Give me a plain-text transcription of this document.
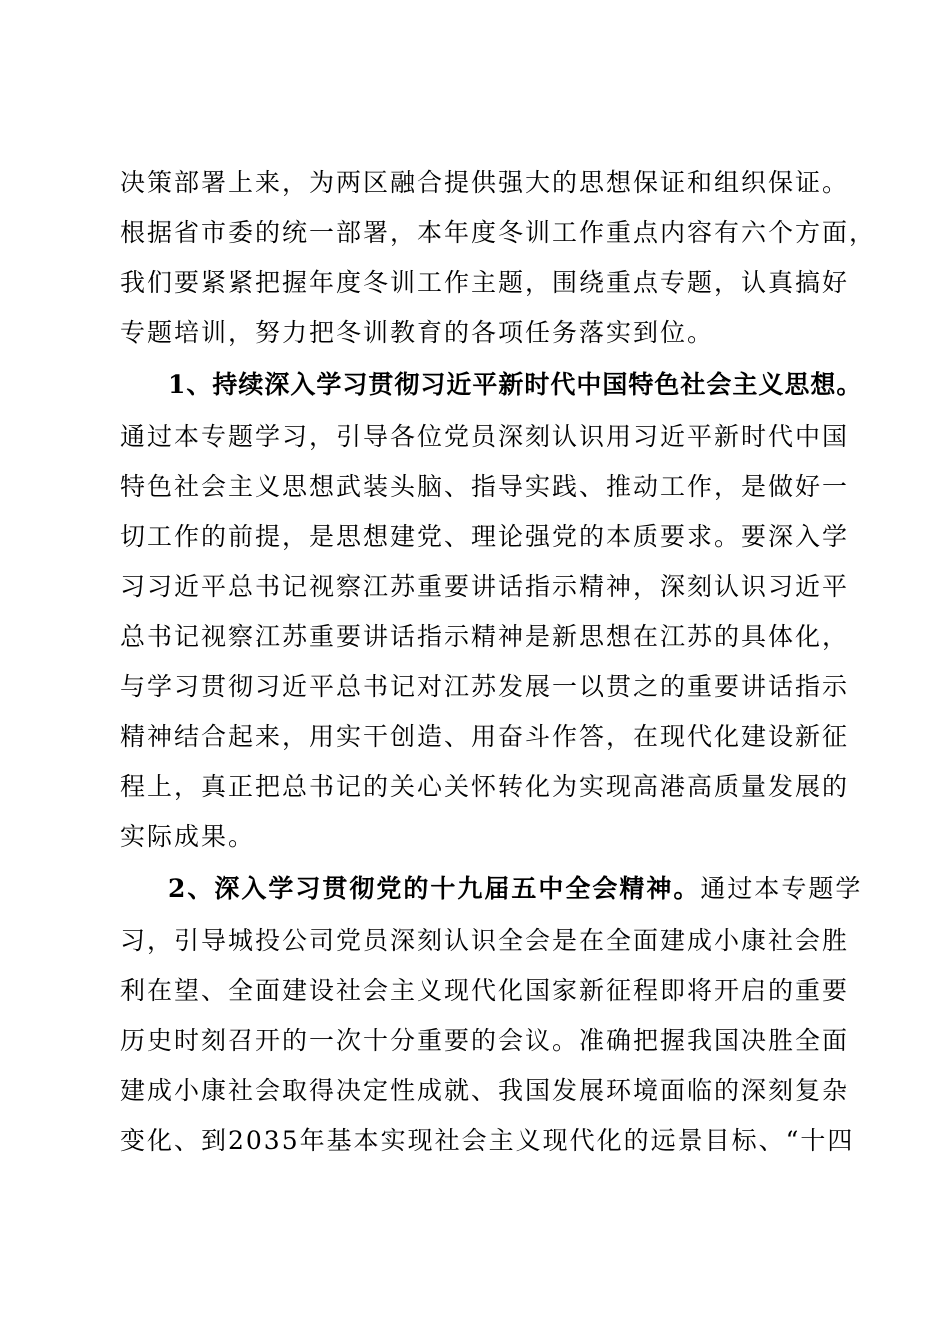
决策部署上来，为两区融合提供强大的思想保证和组织保证。
根据省市委的统一部署，本年度冬训工作重点内容有六个方面，
我们要紧紧把握年度冬训工作主题，围绕重点专题，认真搞好
专题培训，努力把冬训教育的各项任务落实到位。
1、持续深入学习贯彻习近平新时代中国特色社会主义思想。
通过本专题学习，引导各位党员深刻认识用习近平新时代中国
特色社会主义思想武装头脑、指导实践、推动工作，是做好一
切工作的前提，是思想建党、理论强党的本质要求。要深入学
习习近平总书记视察江苏重要讲话指示精神，深刻认识习近平
总书记视察江苏重要讲话指示精神是新思想在江苏的具体化，
与学习贯彻习近平总书记对江苏发展一以贯之的重要讲话指示
精神结合起来，用实干创造、用奋斗作答，在现代化建设新征
程上，真正把总书记的关心关怀转化为实现高港高质量发展的
实际成果。
2、深入学习贯彻党的十九届五中全会精神。通过本专题学
习，引导城投公司党员深刻认识全会是在全面建成小康社会胜
利在望、全面建设社会主义现代化国家新征程即将开启的重要
历史时刻召开的一次十分重要的会议。准确把握我国决胜全面
建成小康社会取得决定性成就、我国发展环境面临的深刻复杂
变化、到2035年基本实现社会主义现代化的远景目标、“十四
